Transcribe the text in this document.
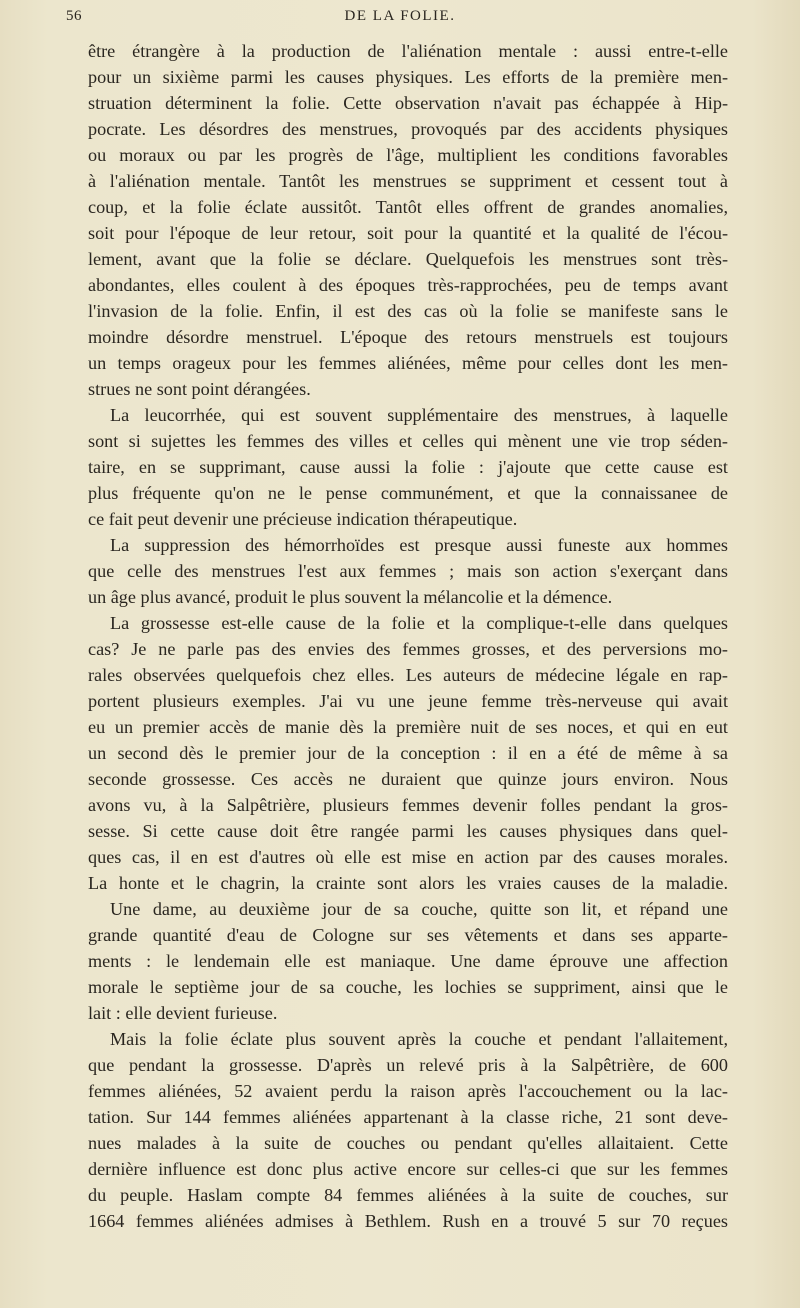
56	DE LA FOLIE.
être étrangère à la production de l'aliénation mentale : aussi entre-t-elle
pour un sixième parmi les causes physiques. Les efforts de la première men-
struation déterminent la folie. Cette observation n'avait pas échappée à Hip-
pocrate. Les désordres des menstrues, provoqués par des accidents physiques
ou moraux ou par les progrès de l'âge, multiplient les conditions favorables
à l'aliénation mentale. Tantôt les menstrues se suppriment et cessent tout à
coup, et la folie éclate aussitôt. Tantôt elles offrent de grandes anomalies,
soit pour l'époque de leur retour, soit pour la quantité et la qualité de l'écou-
lement, avant que la folie se déclare. Quelquefois les menstrues sont très-
abondantes, elles coulent à des époques très-rapprochées, peu de temps avant
l'invasion de la folie. Enfin, il est des cas où la folie se manifeste sans le
moindre désordre menstruel. L'époque des retours menstruels est toujours
un temps orageux pour les femmes aliénées, même pour celles dont les men-
strues ne sont point dérangées.
La leucorrhée, qui est souvent supplémentaire des menstrues, à laquelle
sont si sujettes les femmes des villes et celles qui mènent une vie trop séden-
taire, en se supprimant, cause aussi la folie : j'ajoute que cette cause est
plus fréquente qu'on ne le pense communément, et que la connaissanee de
ce fait peut devenir une précieuse indication thérapeutique.
La suppression des hémorrhoïdes est presque aussi funeste aux hommes
que celle des menstrues l'est aux femmes ; mais son action s'exerçant dans
un âge plus avancé, produit le plus souvent la mélancolie et la démence.
La grossesse est-elle cause de la folie et la complique-t-elle dans quelques
cas? Je ne parle pas des envies des femmes grosses, et des perversions mo-
rales observées quelquefois chez elles. Les auteurs de médecine légale en rap-
portent plusieurs exemples. J'ai vu une jeune femme très-nerveuse qui avait
eu un premier accès de manie dès la première nuit de ses noces, et qui en eut
un second dès le premier jour de la conception : il en a été de même à sa
seconde grossesse. Ces accès ne duraient que quinze jours environ. Nous
avons vu, à la Salpêtrière, plusieurs femmes devenir folles pendant la gros-
sesse. Si cette cause doit être rangée parmi les causes physiques dans quel-
ques cas, il en est d'autres où elle est mise en action par des causes morales.
La honte et le chagrin, la crainte sont alors les vraies causes de la maladie.
Une dame, au deuxième jour de sa couche, quitte son lit, et répand une
grande quantité d'eau de Cologne sur ses vêtements et dans ses apparte-
ments : le lendemain elle est maniaque. Une dame éprouve une affection
morale le septième jour de sa couche, les lochies se suppriment, ainsi que le
lait : elle devient furieuse.
Mais la folie éclate plus souvent après la couche et pendant l'allaitement,
que pendant la grossesse. D'après un relevé pris à la Salpêtrière, de 600
femmes aliénées, 52 avaient perdu la raison après l'accouchement ou la lac-
tation. Sur 144 femmes aliénées appartenant à la classe riche, 21 sont deve-
nues malades à la suite de couches ou pendant qu'elles allaitaient. Cette
dernière influence est donc plus active encore sur celles-ci que sur les femmes
du peuple. Haslam compte 84 femmes aliénées à la suite de couches, sur
1664 femmes aliénées admises à Bethlem. Rush en a trouvé 5 sur 70 reçues
